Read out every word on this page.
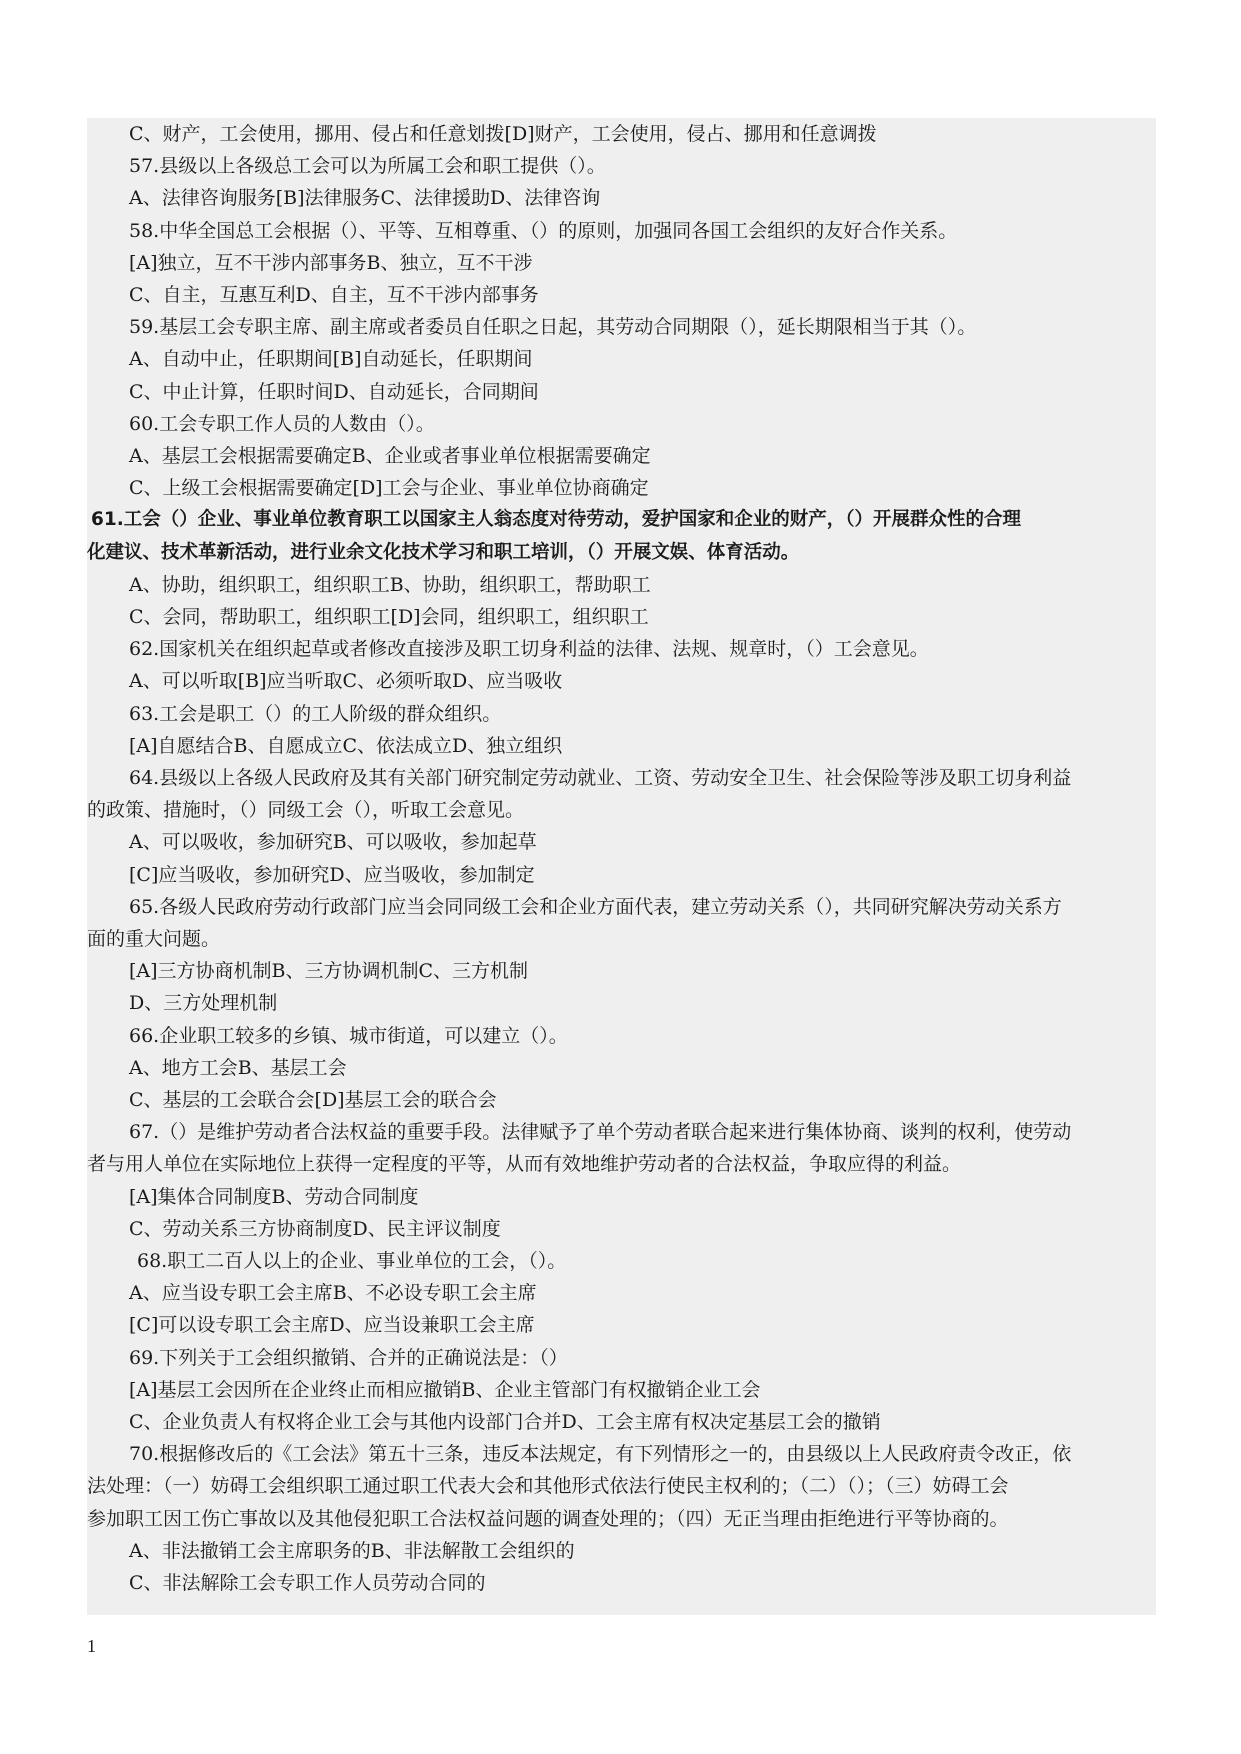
C、财产，工会使用，挪用、侵占和任意划拨[D]财产，工会使用，侵占、挪用和任意调拨
57.县级以上各级总工会可以为所属工会和职工提供（）。
A、法律咨询服务[B]法律服务C、法律援助D、法律咨询
58.中华全国总工会根据（）、平等、互相尊重、（）的原则，加强同各国工会组织的友好合作关系。
[A]独立，互不干涉内部事务B、独立，互不干涉
C、自主，互惠互利D、自主，互不干涉内部事务
59.基层工会专职主席、副主席或者委员自任职之日起，其劳动合同期限（），延长期限相当于其（）。
A、自动中止，任职期间[B]自动延长，任职期间
C、中止计算，任职时间D、自动延长，合同期间
60.工会专职工作人员的人数由（）。
A、基层工会根据需要确定B、企业或者事业单位根据需要确定
C、上级工会根据需要确定[D]工会与企业、事业单位协商确定
61.工会（）企业、事业单位教育职工以国家主人翁态度对待劳动，爱护国家和企业的财产，（）开展群众性的合理
化建议、技术革新活动，进行业余文化技术学习和职工培训，（）开展文娱、体育活动。
A、协助，组织职工，组织职工B、协助，组织职工，帮助职工
C、会同，帮助职工，组织职工[D]会同，组织职工，组织职工
62.国家机关在组织起草或者修改直接涉及职工切身利益的法律、法规、规章时，（）工会意见。
A、可以听取[B]应当听取C、必须听取D、应当吸收
63.工会是职工（）的工人阶级的群众组织。
[A]自愿结合B、自愿成立C、依法成立D、独立组织
64.县级以上各级人民政府及其有关部门研究制定劳动就业、工资、劳动安全卫生、社会保险等涉及职工切身利益
的政策、措施时，（）同级工会（），听取工会意见。
A、可以吸收，参加研究B、可以吸收，参加起草
[C]应当吸收，参加研究D、应当吸收，参加制定
65.各级人民政府劳动行政部门应当会同同级工会和企业方面代表，建立劳动关系（），共同研究解决劳动关系方
面的重大问题。
[A]三方协商机制B、三方协调机制C、三方机制
D、三方处理机制
66.企业职工较多的乡镇、城市街道，可以建立（）。
A、地方工会B、基层工会
C、基层的工会联合会[D]基层工会的联合会
67.（）是维护劳动者合法权益的重要手段。法律赋予了单个劳动者联合起来进行集体协商、谈判的权利，使劳动
者与用人单位在实际地位上获得一定程度的平等，从而有效地维护劳动者的合法权益，争取应得的利益。
[A]集体合同制度B、劳动合同制度
C、劳动关系三方协商制度D、民主评议制度
68.职工二百人以上的企业、事业单位的工会，（）。
A、应当设专职工会主席B、不必设专职工会主席
[C]可以设专职工会主席D、应当设兼职工会主席
69.下列关于工会组织撤销、合并的正确说法是：（）
[A]基层工会因所在企业终止而相应撤销B、企业主管部门有权撤销企业工会
C、企业负责人有权将企业工会与其他内设部门合并D、工会主席有权决定基层工会的撤销
70.根据修改后的《工会法》第五十三条，违反本法规定，有下列情形之一的，由县级以上人民政府责令改正，依
法处理：（一）妨碍工会组织职工通过职工代表大会和其他形式依法行使民主权利的；（二）（）；（三）妨碍工会
参加职工因工伤亡事故以及其他侵犯职工合法权益问题的调查处理的；（四）无正当理由拒绝进行平等协商的。
A、非法撤销工会主席职务的B、非法解散工会组织的
C、非法解除工会专职工作人员劳动合同的
1
